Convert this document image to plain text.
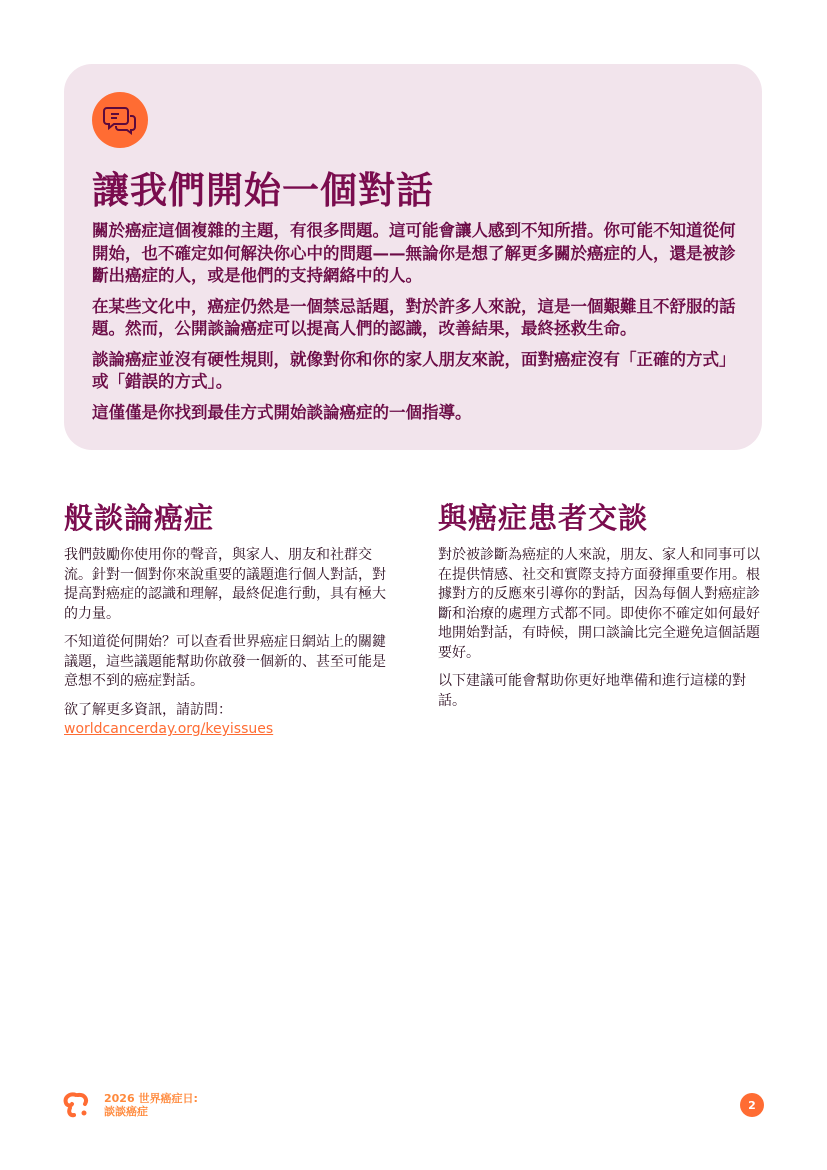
讓我們開始一個對話

關於癌症這個複雜的主題，有很多問題。這可能會讓人感到不知所措。你可能不知道從何開始，也不確定如何解決你心中的問題——無論你是想了解更多關於癌症的人，還是被診斷出癌症的人，或是他們的支持網絡中的人。

在某些文化中，癌症仍然是一個禁忌話題，對於許多人來說，這是一個艱難且不舒服的話題。然而，公開談論癌症可以提高人們的認識，改善結果，最終拯救生命。

談論癌症並沒有硬性規則，就像對你和你的家人朋友來說，面對癌症沒有「正確的方式」或「錯誤的方式」。

這僅僅是你找到最佳方式開始談論癌症的一個指導。

般談論癌症

我們鼓勵你使用你的聲音，與家人、朋友和社群交流。針對一個對你來說重要的議題進行個人對話，對提高對癌症的認識和理解，最終促進行動，具有極大的力量。

不知道從何開始？可以查看世界癌症日網站上的關鍵議題，這些議題能幫助你啟發一個新的、甚至可能是意想不到的癌症對話。

欲了解更多資訊，請訪問：

worldcancerday.org/keyissues
與癌症患者交談

對於被診斷為癌症的人來說，朋友、家人和同事可以在提供情感、社交和實際支持方面發揮重要作用。根據對方的反應來引導你的對話，因為每個人對癌症診斷和治療的處理方式都不同。即使你不確定如何最好地開始對話，有時候，開口談論比完全避免這個話題要好。

以下建議可能會幫助你更好地準備和進行這樣的對話。

2026 世界癌症日:
談談癌症	2
